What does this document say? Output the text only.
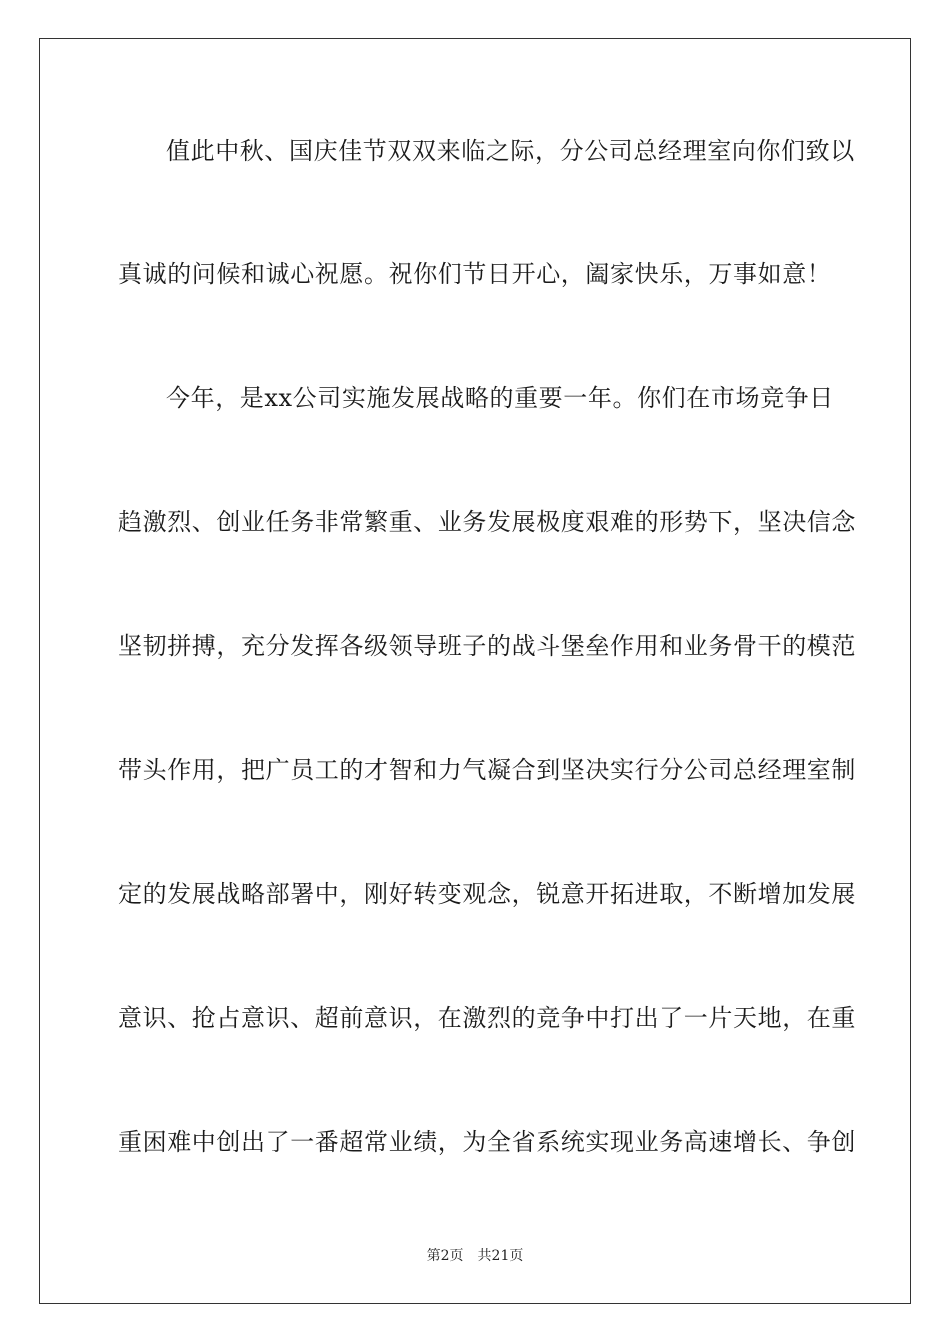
值此中秋、国庆佳节双双来临之际，分公司总经理室向你们致以
真诚的问候和诚心祝愿。祝你们节日开心，阖家快乐，万事如意！
今年，是xx公司实施发展战略的重要一年。你们在市场竞争日
趋激烈、创业任务非常繁重、业务发展极度艰难的形势下，坚决信念
坚韧拼搏，充分发挥各级领导班子的战斗堡垒作用和业务骨干的模范
带头作用，把广员工的才智和力气凝合到坚决实行分公司总经理室制
定的发展战略部署中，刚好转变观念，锐意开拓进取，不断增加发展
意识、抢占意识、超前意识，在激烈的竞争中打出了一片天地，在重
重困难中创出了一番超常业绩，为全省系统实现业务高速增长、争创
第2页　共21页
